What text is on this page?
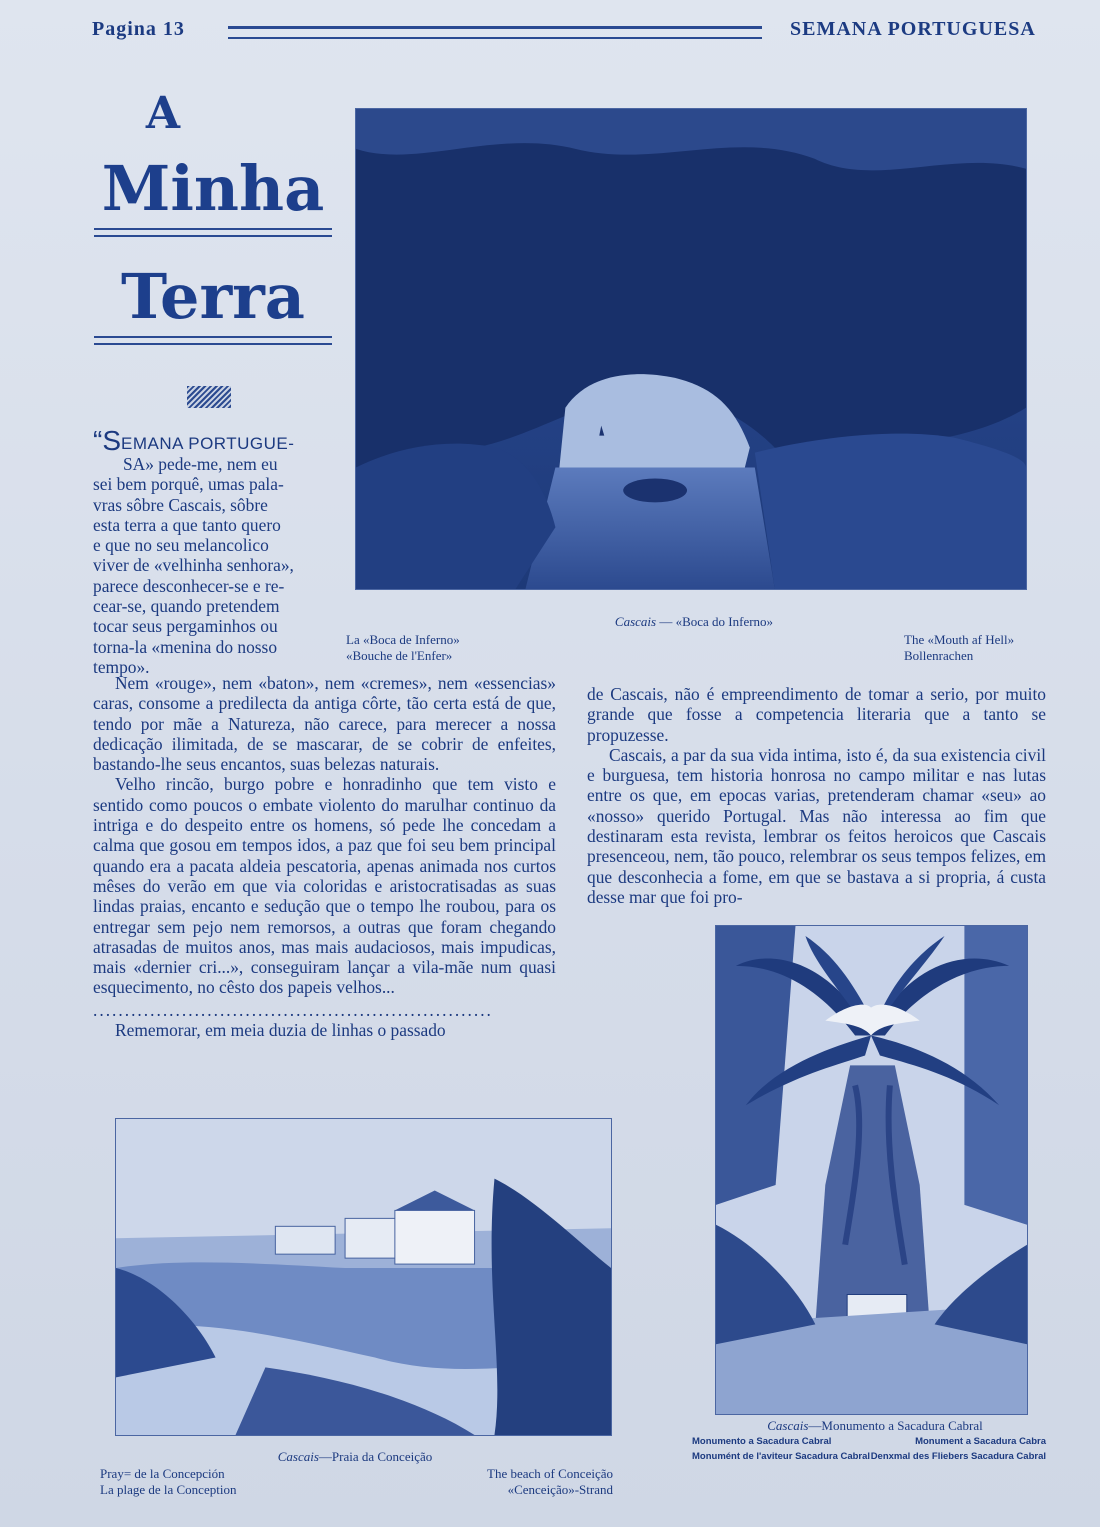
Pagina 13	SEMANA PORTUGUESA
A
Minha
Terra
“S EMANA PORTUGUE-
SA» pede-me, nem eu
sei bem porquê, umas pala-
vras sôbre Cascais, sôbre
esta terra a que tanto quero
e que no seu melancolico
viver de «velhinha senhora»,
parece desconhecer-se e re-
cear-se, quando pretendem
tocar seus pergaminhos ou
torna-la «menina do nosso
tempo».
Cascais — «Boca do Inferno»
La «Boca de Inferno»
«Bouche de l'Enfer»
The «Mouth af Hell»
Bollenrachen

Nem «rouge», nem «baton», nem «cremes», nem «essencias» caras, consome a predilecta da antiga côrte, tão certa está de que, tendo por mãe a Natureza, não carece, para merecer a nossa dedicação ilimitada, de se mascarar, de se cobrir de enfeites, bastando-lhe seus encantos, suas belezas naturais.

Velho rincão, burgo pobre e honradinho que tem visto e sentido como poucos o embate violento do marulhar continuo da intriga e do despeito entre os homens, só pede lhe concedam a calma que gosou em tempos idos, a paz que foi seu bem principal quando era a pacata aldeia pescatoria, apenas animada nos curtos mêses do verão em que via coloridas e aristocratisadas as suas lindas praias, encanto e sedução que o tempo lhe roubou, para os entregar sem pejo nem remorsos, a outras que foram chegando atrasadas de muitos anos, mas mais audaciosos, mais impudicas, mais «dernier cri...», conseguiram lançar a vila-mãe num quasi esquecimento, no cêsto dos papeis velhos...

...............................................................

Rememorar, em meia duzia de linhas o passado

de Cascais, não é empreendimento de tomar a serio, por muito grande que fosse a competencia literaria que a tanto se propuzesse.

Cascais, a par da sua vida intima, isto é, da sua existencia civil e burguesa, tem historia honrosa no campo militar e nas lutas entre os que, em epocas varias, pretenderam chamar «seu» ao «nosso» querido Portugal. Mas não interessa ao fim que destinaram esta revista, lembrar os feitos heroicos que Cascais presenceou, nem, tão pouco, relembrar os seus tempos felizes, em que desconhecia a fome, em que se bastava a si propria, á custa desse mar que foi pro-

Cascais—Praia da Conceição
Pray= de la Concepción
La plage de la Conception
The beach of Conceição
«Cenceição»-Strand
Cascais—Monumento a Sacadura Cabral
Monumento a Sacadura Cabral
Monumént de l'aviteur Sacadura Cabral
Monument a Sacadura Cabra
Denxmal des Fliebers Sacadura Cabral
